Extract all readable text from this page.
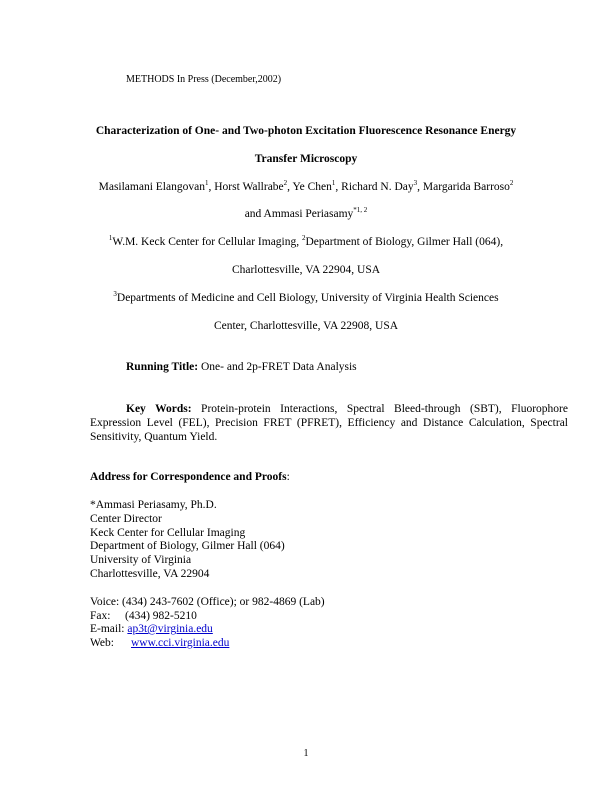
METHODS In Press (December,2002)
Characterization of One- and Two-photon Excitation Fluorescence Resonance Energy
Transfer Microscopy
Masilamani Elangovan$^1$, Horst Wallrabe$^2$, Ye Chen$^1$, Richard N. Day$^3$, Margarida Barroso$^2$
and Ammasi Periasamy$^{*1, 2}$
$^1$W.M. Keck Center for Cellular Imaging, $^2$Department of Biology, Gilmer Hall (064),
Charlottesville, VA 22904, USA
$^3$Departments of Medicine and Cell Biology, University of Virginia Health Sciences
Center, Charlottesville, VA 22908, USA
Running Title: One- and 2p-FRET Data Analysis
Key Words: Protein-protein Interactions, Spectral Bleed-through (SBT), Fluorophore Expression Level (FEL), Precision FRET (PFRET), Efficiency and Distance Calculation, Spectral Sensitivity, Quantum Yield.
Address for Correspondence and Proofs:
*Ammasi Periasamy, Ph.D.
Center Director
Keck Center for Cellular Imaging
Department of Biology, Gilmer Hall (064)
University of Virginia
Charlottesville, VA 22904
Voice: (434) 243-7602 (Office); or 982-4869 (Lab)
Fax: (434) 982-5210
E-mail: ap3t@virginia.edu
Web: www.cci.virginia.edu
1
